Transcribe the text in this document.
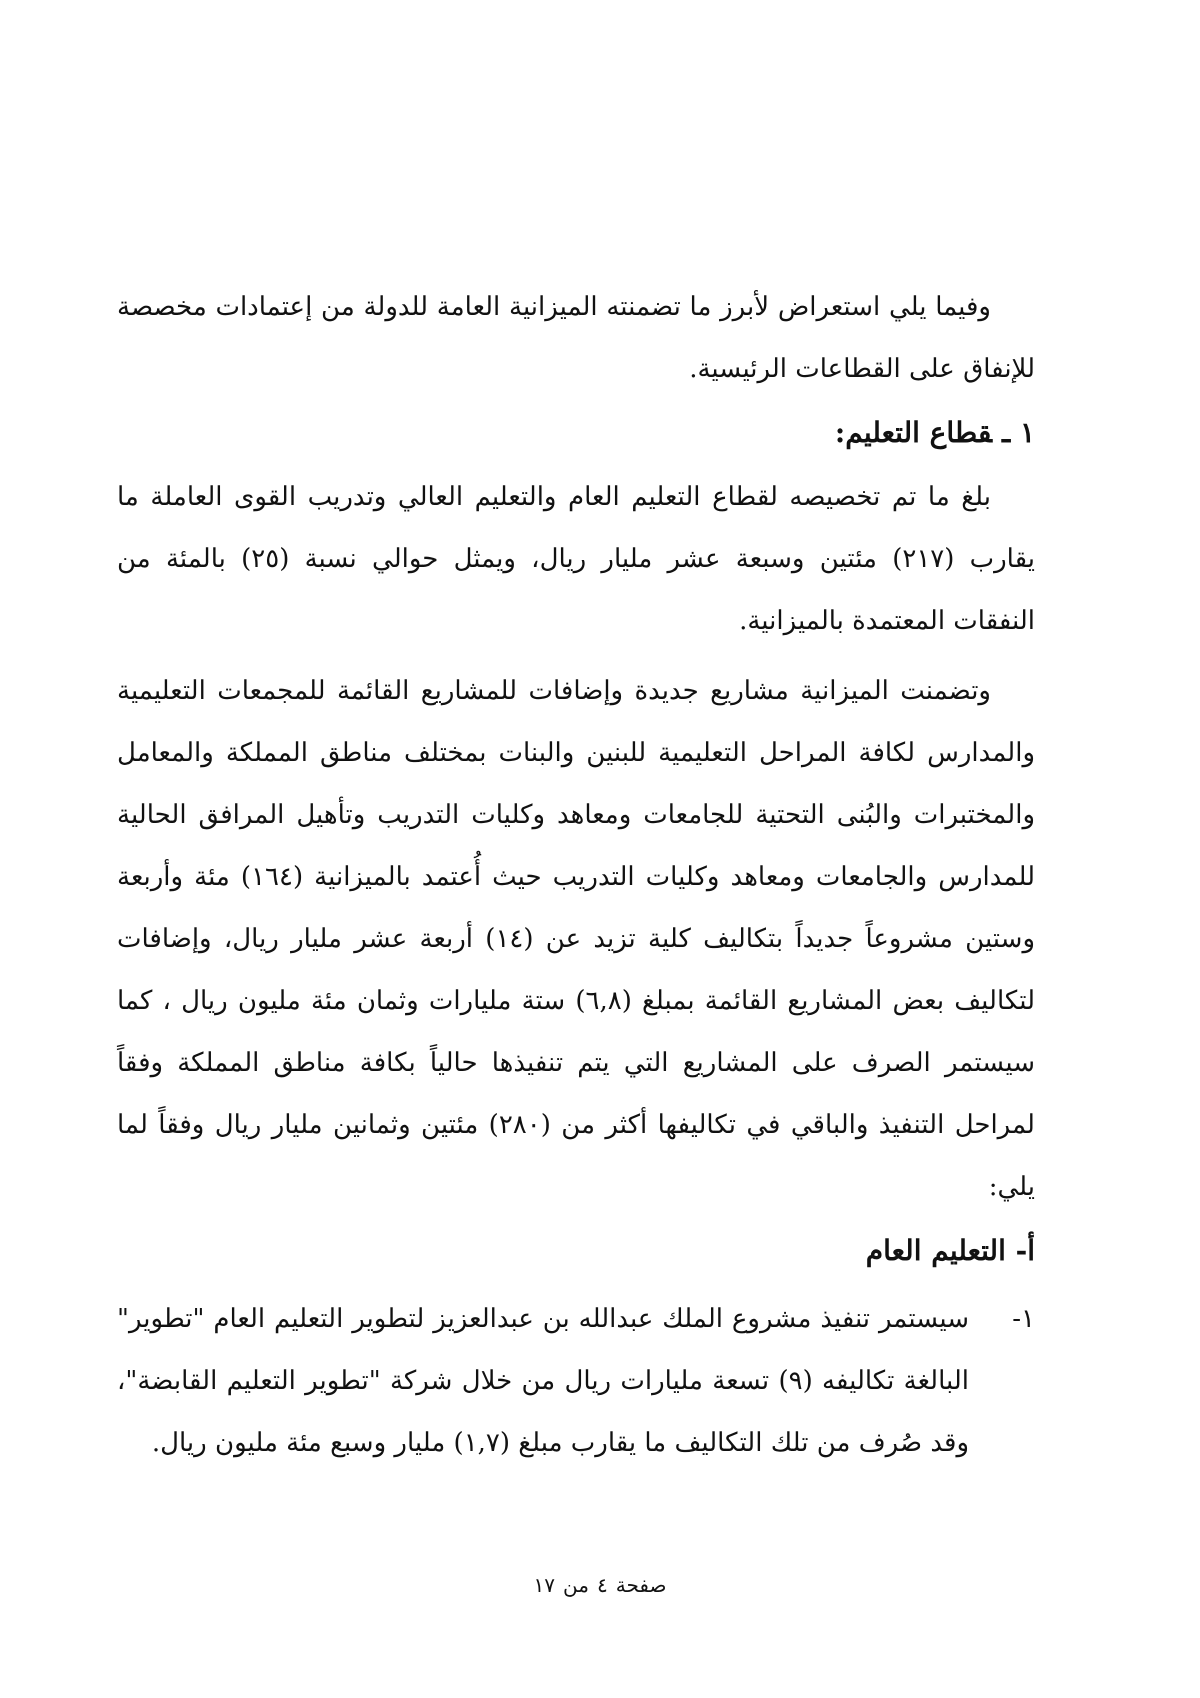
وفيما يلي استعراض لأبرز ما تضمنته الميزانية العامة للدولة من إعتمادات مخصصة للإنفاق على القطاعات الرئيسية.

١ ـقطاع التعليم:

بلغ ما تم تخصيصه لقطاع التعليم العام والتعليم العالي وتدريب القوى العاملة ما يقارب (٢١٧) مئتين وسبعة عشر مليار ريال، ويمثل حوالي نسبة (٢٥) بالمئة من النفقات المعتمدة بالميزانية.

وتضمنت الميزانية مشاريع جديدة وإضافات للمشاريع القائمة للمجمعات التعليمية والمدارس لكافة المراحل التعليمية للبنين والبنات بمختلف مناطق المملكة والمعامل والمختبرات والبُنى التحتية للجامعات ومعاهد وكليات التدريب وتأهيل المرافق الحالية للمدارس والجامعات ومعاهد وكليات التدريب حيث أُعتمد بالميزانية (١٦٤) مئة وأربعة وستين مشروعاً جديداً بتكاليف كلية تزيد عن (١٤) أربعة عشر مليار ريال، وإضافات لتكاليف بعض المشاريع القائمة بمبلغ (٦,٨) ستة مليارات وثمان مئة مليون ريال ، كما سيستمر الصرف على المشاريع التي يتم تنفيذها حالياً بكافة مناطق المملكة وفقاً لمراحل التنفيذ والباقي في تكاليفها أكثر من (٢٨٠) مئتين وثمانين مليار ريال وفقاً لما يلي:

أ- التعليم العام

١-
سيستمر تنفيذ مشروع الملك عبدالله بن عبدالعزيز لتطوير التعليم العام "تطوير" البالغة تكاليفه (٩) تسعة مليارات ريال من خلال شركة "تطوير التعليم القابضة"، وقد صُرف من تلك التكاليف ما يقارب مبلغ (١,٧) مليار وسبع مئة مليون ريال.

صفحة٤من١٧
